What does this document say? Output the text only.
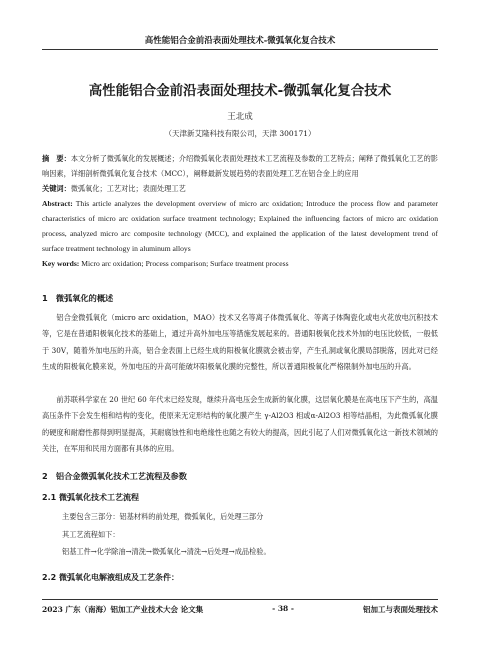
高性能铝合金前沿表面处理技术-微弧氧化复合技术
高性能铝合金前沿表面处理技术-微弧氧化复合技术
王北成
（天津新艾隆科技有限公司，天津 300171）
摘　要：本文分析了微弧氧化的发展概述；介绍微弧氧化表面处理技术工艺流程及参数的工艺特点；阐释了微弧氧化工艺的影响因素，详细剖析微弧氧化复合技术（MCC），阐释最新发展趋势的表面处理工艺在铝合金上的应用
关键词：微弧氧化；工艺对比；表面处理工艺
Abstract: This article analyzes the development overview of micro arc oxidation; Introduce the process flow and parameter characteristics of micro arc oxidation surface treatment technology; Explained the influencing factors of micro arc oxidation process, analyzed micro arc composite technology (MCC), and explained the application of the latest development trend of surface treatment technology in aluminum alloys
Key words: Micro arc oxidation; Process comparison; Surface treatment process
1　微弧氧化的概述
铝合金微弧氧化（micro arc oxidation，MAO）技术又名等离子体微弧氧化、等离子体陶瓷化或电火花放电沉积技术等，它是在普通阳极氧化技术的基础上，通过升高外加电压等措施发展起来的。普通阳极氧化技术外加的电压比较低，一般低于 30V，随着外加电压的升高，铝合金表面上已经生成的阳极氧化膜就会被击穿，产生孔洞或氧化膜局部脱落，因此对已经生成的阳极氧化膜来说，外加电压的升高可能破坏阳极氧化膜的完整性，所以普通阳极氧化严格限制外加电压的升高。
前苏联科学家在 20 世纪 60 年代末已经发现，继续升高电压会生成新的氧化膜，这层氧化膜是在高电压下产生的，高温高压条件下会发生相和结构的变化，使原来无定形结构的氧化膜产生 γ-Al2O3 相或α-Al2O3 相等结晶相，为此微弧氧化膜的硬度和耐磨性都得到明显提高，其耐腐蚀性和电绝缘性也随之有较大的提高，因此引起了人们对微弧氧化这一新技术领域的关注，在军用和民用方面都有具体的应用。
2　铝合金微弧氧化技术工艺流程及参数
2.1 微弧氧化技术工艺流程
主要包含三部分：铝基材料的前处理，微弧氧化，后处理三部分
其工艺流程如下：
铝基工件→化学除油→清洗→微弧氧化→清洗→后处理→成品检验。
2.2 微弧氧化电解液组成及工艺条件：
2023 广东（南海）铝加工产业技术大会 论文集	- 38 -	铝加工与表面处理技术
